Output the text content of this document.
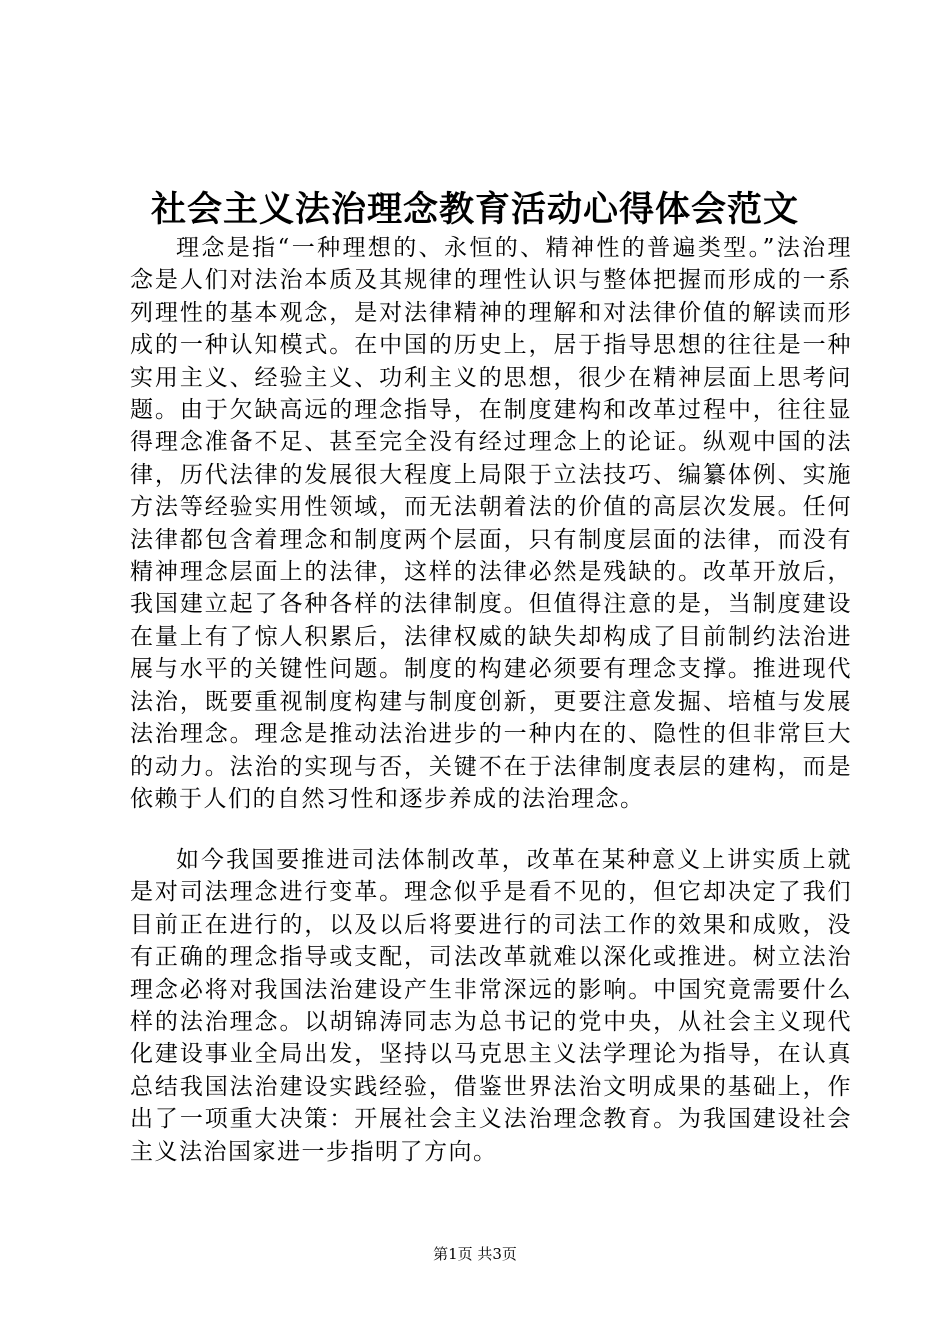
社会主义法治理念教育活动心得体会范文

理念是指“一种理想的、永恒的、精神性的普遍类型。”法治理念是人们对法治本质及其规律的理性认识与整体把握而形成的一系列理性的基本观念，是对法律精神的理解和对法律价值的解读而形成的一种认知模式。在中国的历史上，居于指导思想的往往是一种实用主义、经验主义、功利主义的思想，很少在精神层面上思考问题。由于欠缺高远的理念指导，在制度建构和改革过程中，往往显得理念准备不足、甚至完全没有经过理念上的论证。纵观中国的法律，历代法律的发展很大程度上局限于立法技巧、编纂体例、实施方法等经验实用性领域，而无法朝着法的价值的高层次发展。任何法律都包含着理念和制度两个层面，只有制度层面的法律，而没有精神理念层面上的法律，这样的法律必然是残缺的。改革开放后，我国建立起了各种各样的法律制度。但值得注意的是，当制度建设在量上有了惊人积累后，法律权威的缺失却构成了目前制约法治进展与水平的关键性问题。制度的构建必须要有理念支撑。推进现代法治，既要重视制度构建与制度创新，更要注意发掘、培植与发展法治理念。理念是推动法治进步的一种内在的、隐性的但非常巨大的动力。法治的实现与否，关键不在于法律制度表层的建构，而是依赖于人们的自然习性和逐步养成的法治理念。

如今我国要推进司法体制改革，改革在某种意义上讲实质上就是对司法理念进行变革。理念似乎是看不见的，但它却决定了我们目前正在进行的，以及以后将要进行的司法工作的效果和成败，没有正确的理念指导或支配，司法改革就难以深化或推进。树立法治理念必将对我国法治建设产生非常深远的影响。中国究竟需要什么样的法治理念。以胡锦涛同志为总书记的党中央，从社会主义现代化建设事业全局出发，坚持以马克思主义法学理论为指导，在认真总结我国法治建设实践经验，借鉴世界法治文明成果的基础上，作出了一项重大决策：开展社会主义法治理念教育。为我国建设社会主义法治国家进一步指明了方向。

第1页 共3页
